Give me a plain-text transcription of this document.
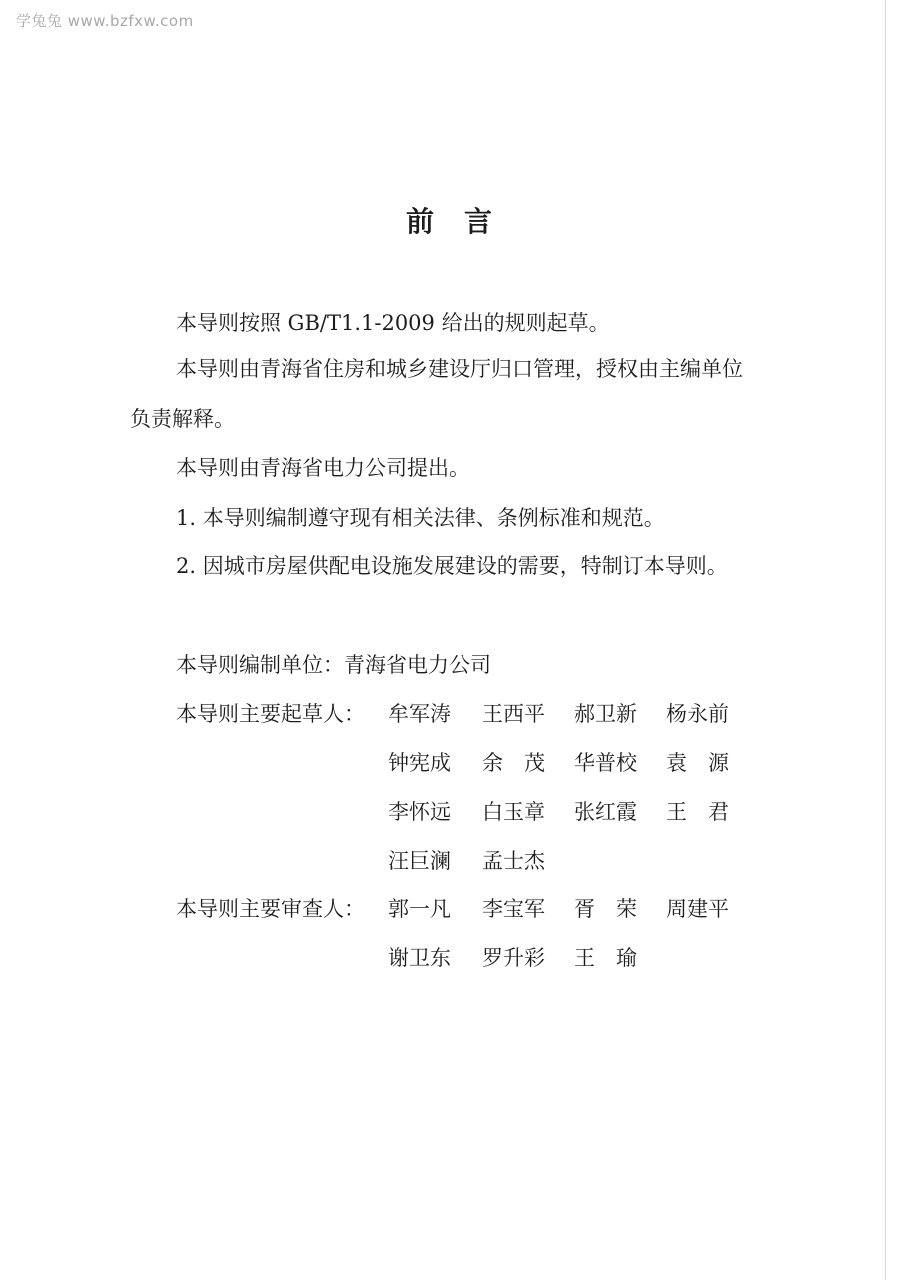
学兔兔 www.bzfxw.com
前言

本导则按照 GB/T1.1-2009 给出的规则起草。

本导则由青海省住房和城乡建设厅归口管理，授权由主编单位负责解释。

本导则由青海省电力公司提出。

1. 本导则编制遵守现有相关法律、条例标准和规范。

2. 因城市房屋供配电设施发展建设的需要，特制订本导则。

本导则编制单位：青海省电力公司

本导则主要起草人： 牟军涛 王西平 郝卫新 杨永前
钟宪成 余　茂 华普校 袁　源
李怀远 白玉章 张红霞 王　君
汪巨澜 孟士杰
本导则主要审查人： 郭一凡 李宝军 胥　荣 周建平
谢卫东 罗升彩 王　瑜
